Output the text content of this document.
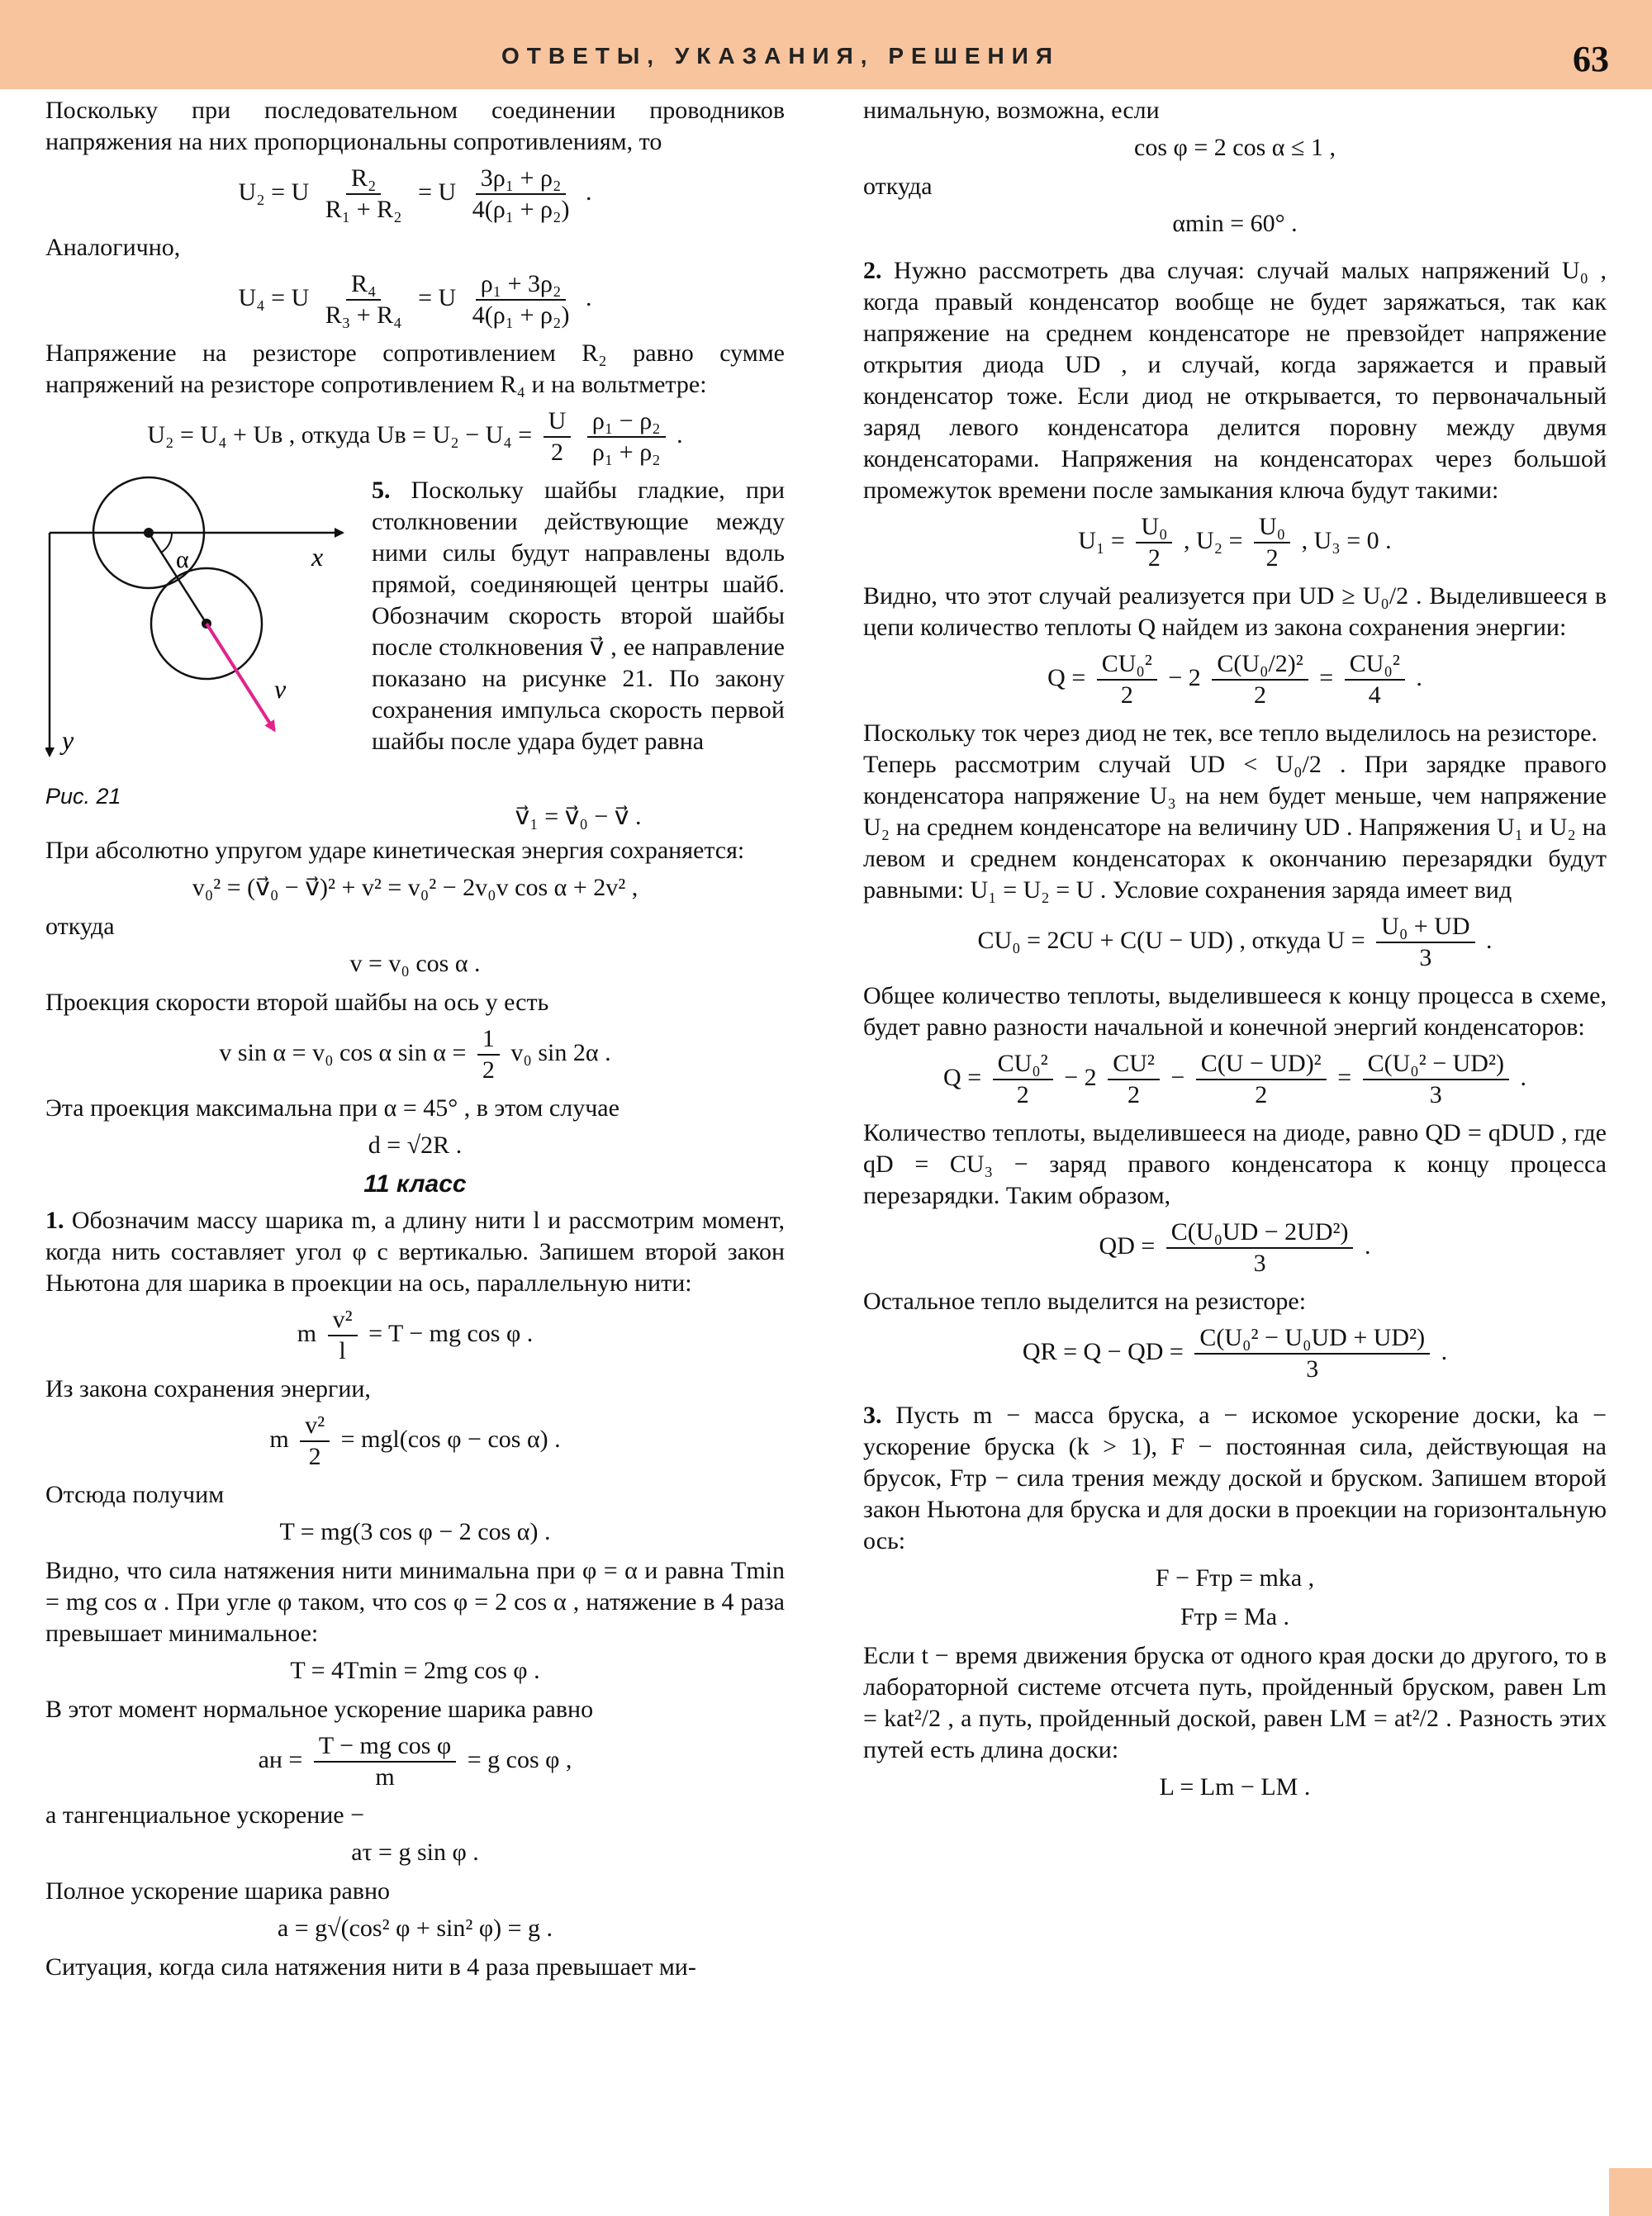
ОТВЕТЫ, УКАЗАНИЯ, РЕШЕНИЯ	63

Поскольку при последовательном соединении проводников напряжения на них пропорциональны сопротивлениям, то

U₂ = U $\frac{\text{R₂}}{\text{R₁ + R₂}} = U \frac{\text{3ρ₁ + ρ₂}}{\text{4(ρ₁ + ρ₂)}}$ .

Аналогично,

U₄ = U $\frac{\text{R₄}}{\text{R₃ + R₄}} = U \frac{\text{ρ₁ + 3ρ₂}}{\text{4(ρ₁ + ρ₂)}}$ .

Напряжение на резисторе сопротивлением R₂ равно сумме напряжений на резисторе сопротивлением R₄ и на вольтметре:

U₂ = U₄ + Uв , откуда Uв = $U_2 - U_4 = \frac{U}{2}$
$\frac{\text{ρ₁ − ρ₂}}{\text{ρ₁ + ρ₂}}$ .
α	x
y
v
Рис. 21

5. Поскольку шайбы гладкие, при столкновении действующие между ними силы будут направлены вдоль прямой, соединяющей центры шайб. Обозначим скорость второй шайбы после столкновения v⃗ , ее направление показано на рисунке 21. По закону сохранения импульса скорость первой шайбы после удара будет равна

v⃗₁ = v⃗₀ − v⃗ .

При абсолютно упругом ударе кинетическая энергия сохраняется:

v₀² = (v⃗₀ − v⃗)² + v² = v₀² − 2v₀v cos α + 2v² ,

откуда

v = v₀ cos α .

Проекция скорости второй шайбы на ось y есть

v sin α = v₀ cos α $\sin \alpha = \frac{1}{2} v_0$ sin 2α .

Эта проекция максимальна при α = 45° , в этом случае

d = √2R .
11 класс

1. Обозначим массу шарика m, а длину нити l и рассмотрим момент, когда нить составляет угол φ с вертикалью. Запишем второй закон Ньютона для шарика в проекции на ось, параллельную нити:

m $\frac{\text{v²}}{l} = T$ − mg cos φ .

Из закона сохранения энергии,

m $\frac{\text{v²}}{2} = mgl(\cos$ φ − cos α) .

Отсюда получим

T = mg(3 cos φ − 2 cos α) .

Видно, что сила натяжения нити минимальна при φ = α и равна Tmin = mg cos α . При угле φ таком, что cos φ = 2 cos α , натяжение в 4 раза превышает минимальное:

T = 4Tmin = 2mg cos φ .

В этот момент нормальное ускорение шарика равно

aн = $\frac{\text{T − mg cos φ}}{m} = g$ cos φ ,

а тангенциальное ускорение −

aτ = g sin φ .

Полное ускорение шарика равно

a = g√(cos² φ + sin² φ) = g .

Ситуация, когда сила натяжения нити в 4 раза превышает ми-

нимальную, возможна, если

cos φ = 2 cos α ≤ 1 ,

откуда

αmin = 60° .

2. Нужно рассмотреть два случая: случай малых напряжений U₀ , когда правый конденсатор вообще не будет заряжаться, так как напряжение на среднем конденсаторе не превзойдет напряжение открытия диода UD , и случай, когда заряжается и правый конденсатор тоже. Если диод не открывается, то первоначальный заряд левого конденсатора делится поровну между двумя конденсаторами. Напряжения на конденсаторах через большой промежуток времени после замыкания ключа будут такими:

$U_1 = \frac{\text{U₀}}{2}$ , $U_2 = \frac{\text{U₀}}{2}$ , U₃ = 0 .

Видно, что этот случай реализуется при UD ≥ U₀/2 . Выделившееся в цепи количество теплоты Q найдем из закона сохранения энергии:

$Q = \frac{\text{CU₀²}}{2} - 2 \frac{\text{C(U₀/2)²}}{2} = \frac{\text{CU₀²}}{4}$ .

Поскольку ток через диод не тек, все тепло выделилось на резисторе.

Теперь рассмотрим случай UD < U₀/2 . При зарядке правого конденсатора напряжение U₃ на нем будет меньше, чем напряжение U₂ на среднем конденсаторе на величину UD . Напряжения U₁ и U₂ на левом и среднем конденсаторах к окончанию перезарядки будут равными: U₁ = U₂ = U . Условие сохранения заряда имеет вид

CU₀ = 2CU + C(U − UD) , откуда $U = \frac{\text{U₀ + UD}}{3}$ .

Общее количество теплоты, выделившееся к концу процесса в схеме, будет равно разности начальной и конечной энергий конденсаторов:

$Q = \frac{\text{CU₀²}}{2} - 2 \frac{\text{CU²}}{2} - \frac{\text{C(U − UD)²}}{2} = \frac{\text{C(U₀² − UD²)}}{3}$ .

Количество теплоты, выделившееся на диоде, равно QD = qDUD , где qD = CU₃ − заряд правого конденсатора к концу процесса перезарядки. Таким образом,

QD = $\frac{\text{C(U₀UD − 2UD²)}}{3}$ .

Остальное тепло выделится на резисторе:

QR = Q − QD = $\frac{\text{C(U₀² − U₀UD + UD²)}}{3}$ .

3. Пусть m − масса бруска, a − искомое ускорение доски, ka − ускорение бруска (k > 1), F − постоянная сила, действующая на брусок, Fтр − сила трения между доской и бруском. Запишем второй закон Ньютона для бруска и для доски в проекции на горизонтальную ось:

F − Fтр = mka ,
Fтр = Ma .

Если t − время движения бруска от одного края доски до другого, то в лабораторной системе отсчета путь, пройденный бруском, равен Lm = kat²/2 , а путь, пройденный доской, равен LM = at²/2 . Разность этих путей есть длина доски:

L = Lm − LM .
